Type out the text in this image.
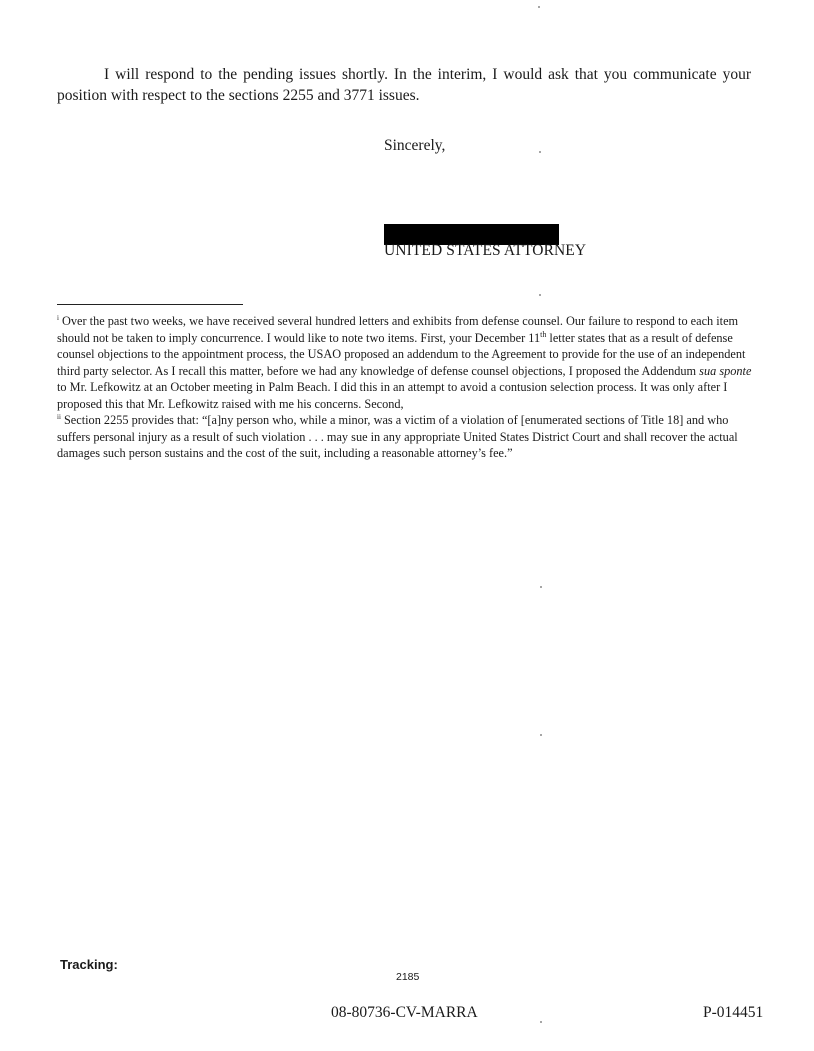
I will respond to the pending issues shortly. In the interim, I would ask that you communicate your position with respect to the sections 2255 and 3771 issues.
Sincerely,
UNITED STATES ATTORNEY

$^i$ Over the past two weeks, we have received several hundred letters and exhibits from defense counsel. Our failure to respond to each item should not be taken to imply concurrence. I would like to note two items. First, your December 11th letter states that as a result of defense counsel objections to the appointment process, the USAO proposed an addendum to the Agreement to provide for the use of an independent third party selector. As I recall this matter, before we had any knowledge of defense counsel objections, I proposed the Addendum sua sponte to Mr. Lefkowitz at an October meeting in Palm Beach. I did this in an attempt to avoid a contusion selection process. It was only after I proposed this that Mr. Lefkowitz raised with me his concerns. Second,

$^{ii}$ Section 2255 provides that: “[a]ny person who, while a minor, was a victim of a violation of [enumerated sections of Title 18] and who suffers personal injury as a result of such violation . . . may sue in any appropriate United States District Court and shall recover the actual damages such person sustains and the cost of the suit, including a reasonable attorney’s fee.”

Tracking:
2185
08-80736-CV-MARRA	P-014451
